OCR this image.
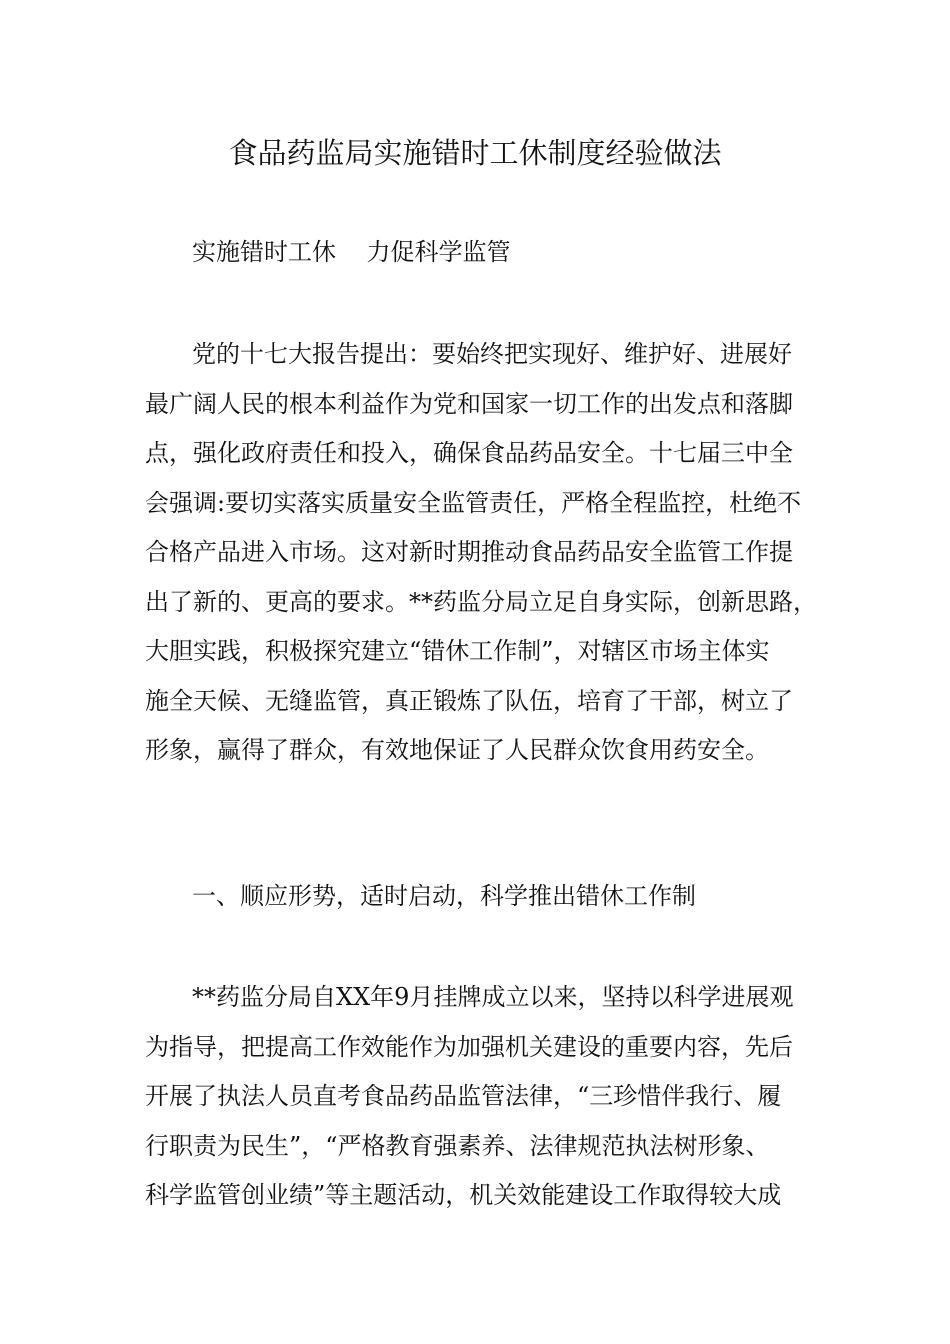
食品药监局实施错时工休制度经验做法

实施错时工休    力促科学监管

党的十七大报告提出：要始终把实现好、维护好、进展好
最广阔人民的根本利益作为党和国家一切工作的出发点和落脚
点，强化政府责任和投入，确保食品药品安全。十七届三中全
会强调:要切实落实质量安全监管责任，严格全程监控，杜绝不
合格产品进入市场。这对新时期推动食品药品安全监管工作提
出了新的、更高的要求。**药监分局立足自身实际，创新思路，
大胆实践，积极探究建立“错休工作制”，对辖区市场主体实
施全天候、无缝监管，真正锻炼了队伍，培育了干部，树立了
形象，赢得了群众，有效地保证了人民群众饮食用药安全。

一、顺应形势，适时启动，科学推出错休工作制

**药监分局自XX年9月挂牌成立以来，坚持以科学进展观
为指导，把提高工作效能作为加强机关建设的重要内容，先后
开展了执法人员直考食品药品监管法律，“三珍惜伴我行、履
行职责为民生”，“严格教育强素养、法律规范执法树形象、
科学监管创业绩”等主题活动，机关效能建设工作取得较大成
